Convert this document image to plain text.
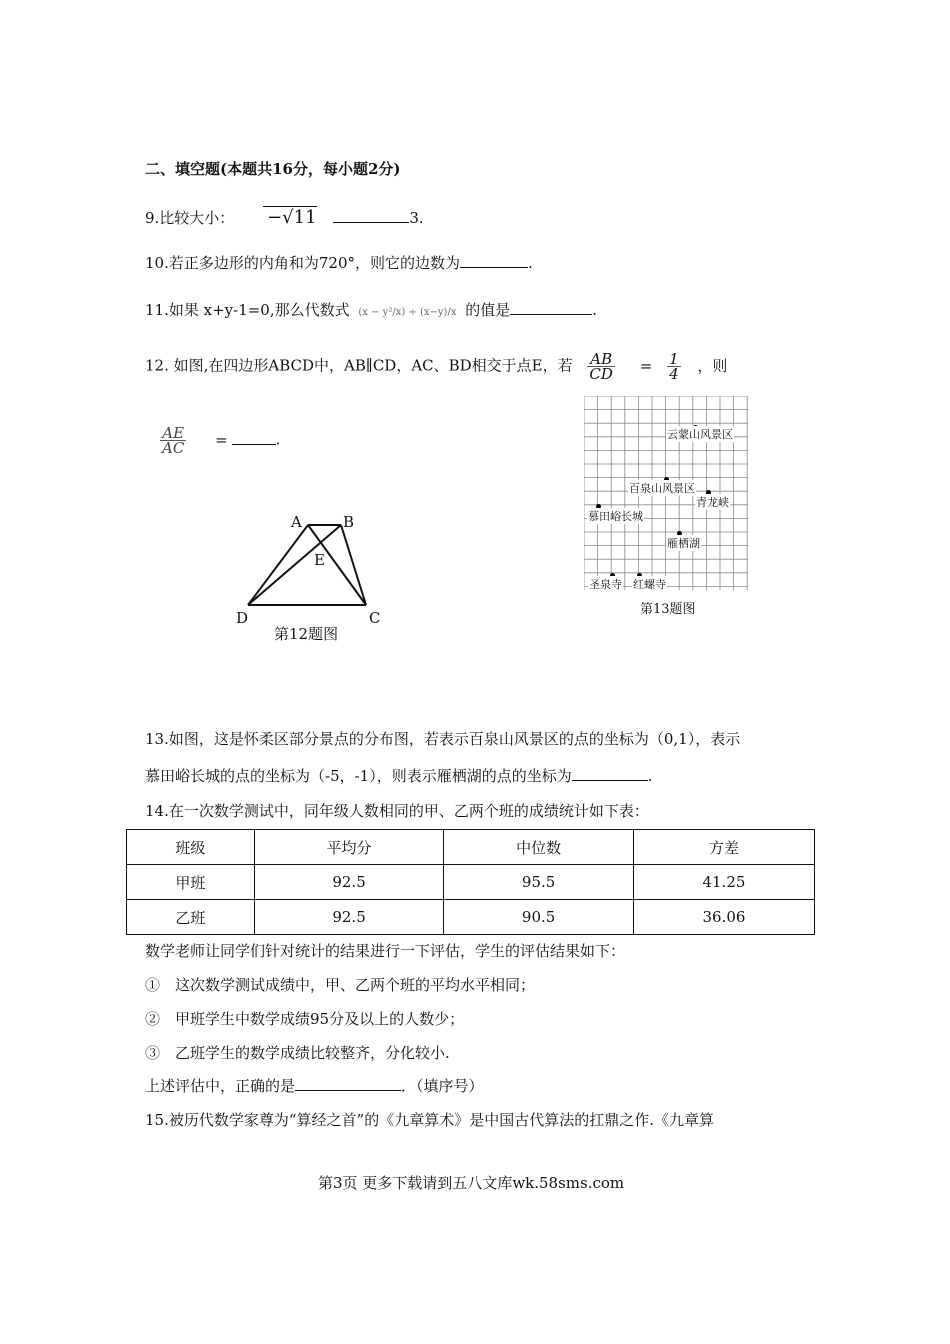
二、填空题(本题共16分，每小题2分)
9.比较大小： −√11	3.
10.若正多边形的内角和为720°，则它的边数为	.
11.如果 x+y-1=0,那么代数式 (x − y²/x) ÷ (x−y)/x 的值是	.
12. 如图,在四边形ABCD中，AB∥CD，AC、BD相交于点E，若 $\frac{AB}{CD} = \frac{1}{4}$ ，则
$\frac{AE}{AC}$ =	.
A	B
E
D	C
第12题图
云蒙山风景区
百泉山风景区
青龙峡
慕田峪长城
雁栖湖
圣泉寺 红螺寺
第13题图
13.如图，这是怀柔区部分景点的分布图，若表示百泉山风景区的点的坐标为（0,1），表示
慕田峪长城的点的坐标为（-5，-1），则表示雁栖湖的点的坐标为	.
14.在一次数学测试中，同年级人数相同的甲、乙两个班的成绩统计如下表：
班级	平均分	中位数	方差
甲班	92.5	95.5	41.25
乙班	92.5	90.5	36.06
数学老师让同学们针对统计的结果进行一下评估，学生的评估结果如下：
①　这次数学测试成绩中，甲、乙两个班的平均水平相同；
②　甲班学生中数学成绩95分及以上的人数少；
③　乙班学生的数学成绩比较整齐，分化较小.
上述评估中，正确的是	．（填序号）
15.被历代数学家尊为“算经之首”的《九章算术》是中国古代算法的扛鼎之作.《九章算
第3页 更多下载请到五八文库wk.58sms.com
